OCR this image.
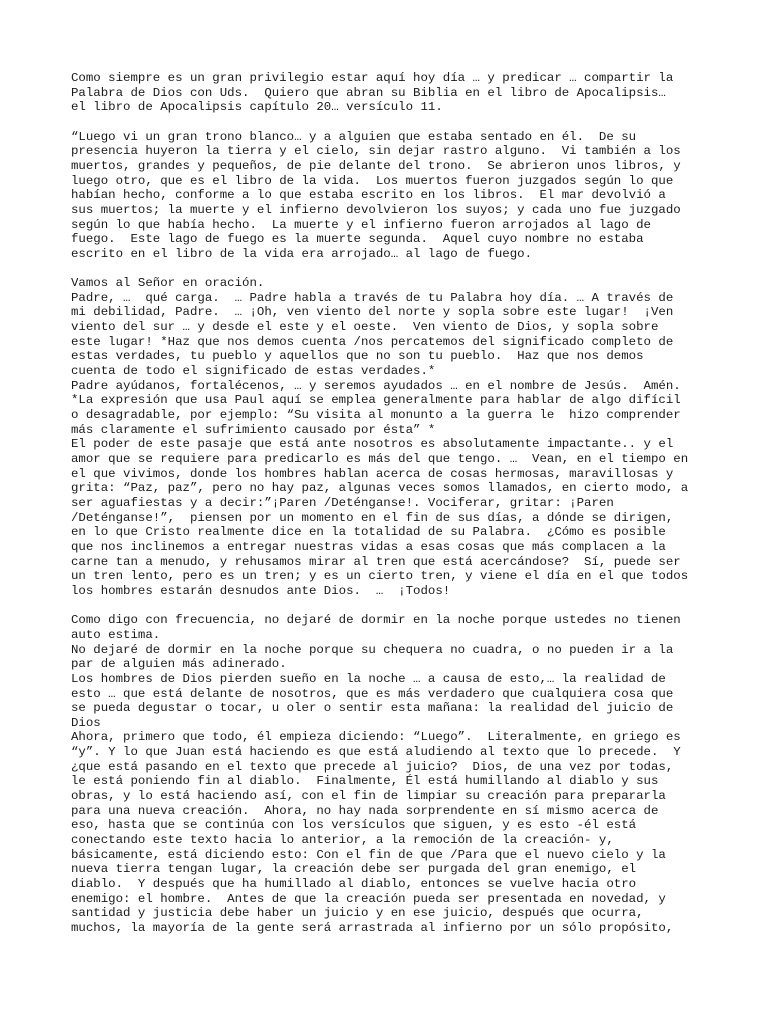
Como siempre es un gran privilegio estar aquí hoy día … y predicar … compartir la
Palabra de Dios con Uds.  Quiero que abran su Biblia en el libro de Apocalipsis…
el libro de Apocalipsis capítulo 20… versículo 11.
“Luego vi un gran trono blanco… y a alguien que estaba sentado en él.  De su
presencia huyeron la tierra y el cielo, sin dejar rastro alguno.  Vi también a los
muertos, grandes y pequeños, de pie delante del trono.  Se abrieron unos libros, y
luego otro, que es el libro de la vida.  Los muertos fueron juzgados según lo que
habían hecho, conforme a lo que estaba escrito en los libros.  El mar devolvió a
sus muertos; la muerte y el infierno devolvieron los suyos; y cada uno fue juzgado
según lo que había hecho.  La muerte y el infierno fueron arrojados al lago de
fuego.  Este lago de fuego es la muerte segunda.  Aquel cuyo nombre no estaba
escrito en el libro de la vida era arrojado… al lago de fuego.
Vamos al Señor en oración.
Padre, …  qué carga.  … Padre habla a través de tu Palabra hoy día. … A través de
mi debilidad, Padre.  … ¡Oh, ven viento del norte y sopla sobre este lugar!  ¡Ven
viento del sur … y desde el este y el oeste.  Ven viento de Dios, y sopla sobre
este lugar! *Haz que nos demos cuenta /nos percatemos del significado completo de
estas verdades, tu pueblo y aquellos que no son tu pueblo.  Haz que nos demos
cuenta de todo el significado de estas verdades.*
Padre ayúdanos, fortalécenos, … y seremos ayudados … en el nombre de Jesús.  Amén.
*La expresión que usa Paul aquí se emplea generalmente para hablar de algo difícil
o desagradable, por ejemplo: “Su visita al monunto a la guerra le  hizo comprender
más claramente el sufrimiento causado por ésta” *
El poder de este pasaje que está ante nosotros es absolutamente impactante.. y el
amor que se requiere para predicarlo es más del que tengo. …  Vean, en el tiempo en
el que vivimos, donde los hombres hablan acerca de cosas hermosas, maravillosas y
grita: “Paz, paz”, pero no hay paz, algunas veces somos llamados, en cierto modo, a
ser aguafiestas y a decir:”¡Paren /Deténganse!. Vociferar, gritar: ¡Paren
/Deténganse!”,  piensen por un momento en el fin de sus días, a dónde se dirigen,
en lo que Cristo realmente dice en la totalidad de su Palabra.  ¿Cómo es posible
que nos inclinemos a entregar nuestras vidas a esas cosas que más complacen a la
carne tan a menudo, y rehusamos mirar al tren que está acercándose?  Sí, puede ser
un tren lento, pero es un tren; y es un cierto tren, y viene el día en el que todos
los hombres estarán desnudos ante Dios.  …  ¡Todos!
Como digo con frecuencia, no dejaré de dormir en la noche porque ustedes no tienen
auto estima.
No dejaré de dormir en la noche porque su chequera no cuadra, o no pueden ir a la
par de alguien más adinerado.
Los hombres de Dios pierden sueño en la noche … a causa de esto,… la realidad de
esto … que está delante de nosotros, que es más verdadero que cualquiera cosa que
se pueda degustar o tocar, u oler o sentir esta mañana: la realidad del juicio de
Dios
Ahora, primero que todo, él empieza diciendo: “Luego”.  Literalmente, en griego es
“y”. Y lo que Juan está haciendo es que está aludiendo al texto que lo precede.  Y
¿que está pasando en el texto que precede al juicio?  Dios, de una vez por todas,
le está poniendo fin al diablo.  Finalmente, Él está humillando al diablo y sus
obras, y lo está haciendo así, con el fin de limpiar su creación para prepararla
para una nueva creación.  Ahora, no hay nada sorprendente en sí mismo acerca de
eso, hasta que se continúa con los versículos que siguen, y es esto -él está
conectando este texto hacia lo anterior, a la remoción de la creación- y,
básicamente, está diciendo esto: Con el fin de que /Para que el nuevo cielo y la
nueva tierra tengan lugar, la creación debe ser purgada del gran enemigo, el
diablo.  Y después que ha humillado al diablo, entonces se vuelve hacia otro
enemigo: el hombre.  Antes de que la creación pueda ser presentada en novedad, y
santidad y justicia debe haber un juicio y en ese juicio, después que ocurra,
muchos, la mayoría de la gente será arrastrada al infierno por un sólo propósito,
